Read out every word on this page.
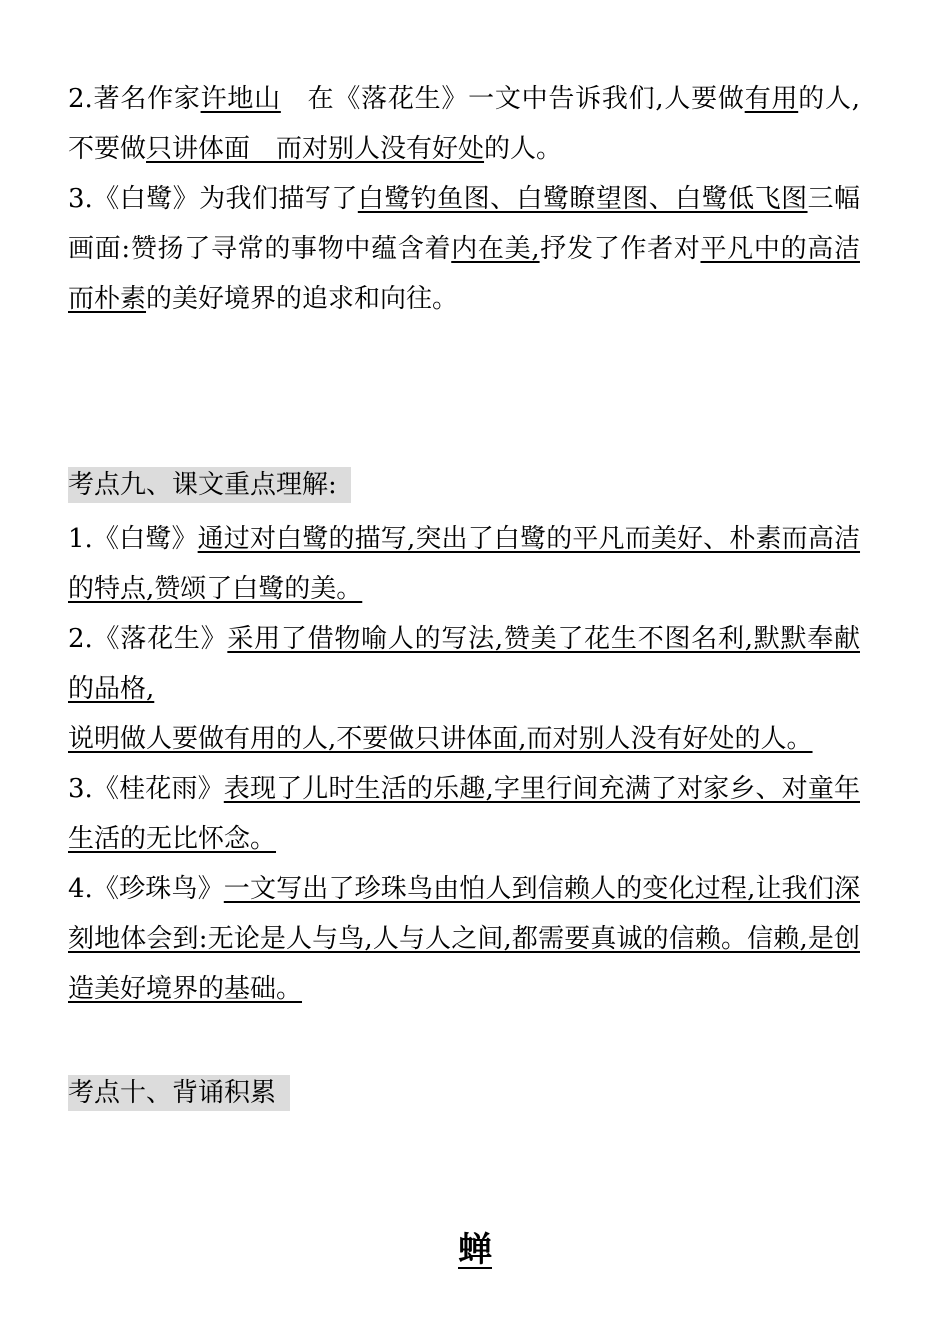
2.著名作家许地山　 在《落花生》一文中告诉我们,人要做有用的人,不要做只讲体面　而对别人没有好处的人。

3.《白鹭》为我们描写了白鹭钓鱼图、白鹭瞭望图、白鹭低飞图三幅画面:赞扬了寻常的事物中蕴含着内在美,抒发了作者对平凡中的高洁而朴素的美好境界的追求和向往。

考点九、课文重点理解:

1.《白鹭》通过对白鹭的描写,突出了白鹭的平凡而美好、朴素而高洁的特点,赞颂了白鹭的美。

2.《落花生》采用了借物喻人的写法,赞美了花生不图名利,默默奉献的品格,

说明做人要做有用的人,不要做只讲体面,而对别人没有好处的人。

3.《桂花雨》表现了儿时生活的乐趣,字里行间充满了对家乡、对童年生活的无比怀念。

4.《珍珠鸟》一文写出了珍珠鸟由怕人到信赖人的变化过程,让我们深刻地体会到:无论是人与鸟,人与人之间,都需要真诚的信赖。信赖,是创造美好境界的基础。

考点十、背诵积累

蝉
